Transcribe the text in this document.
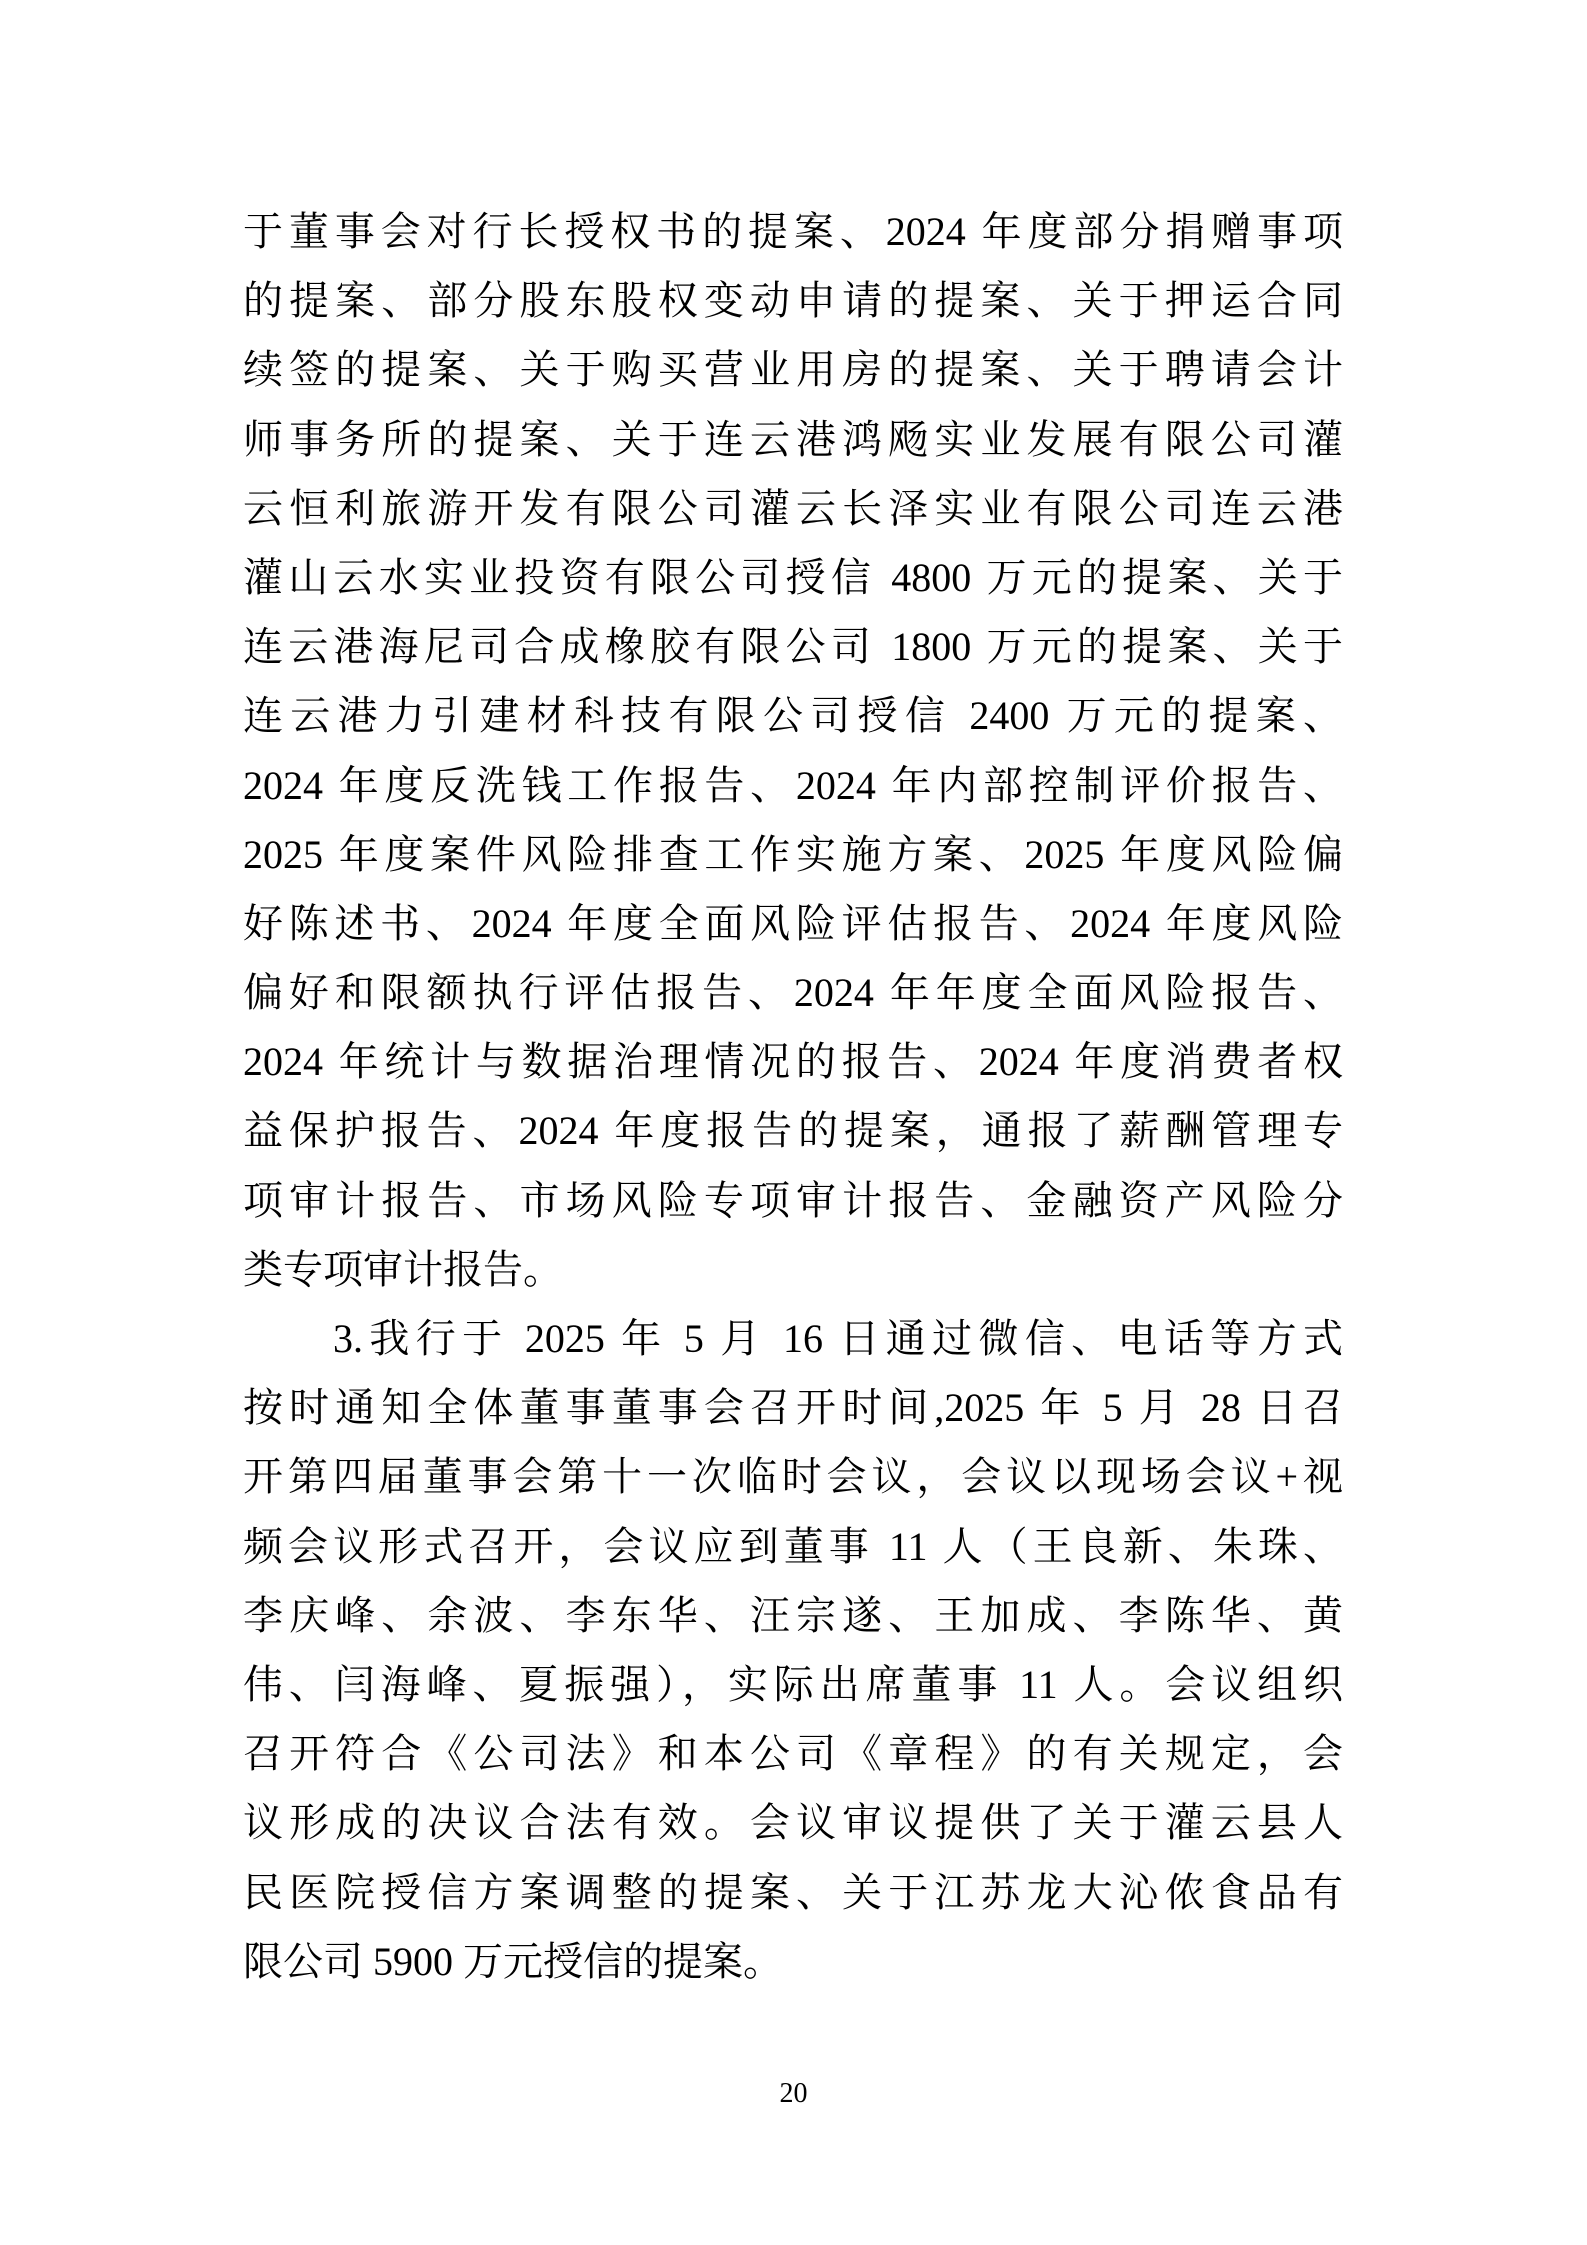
于董事会对行长授权书的提案、2024 年度部分捐赠事项
的提案、部分股东股权变动申请的提案、关于押运合同
续签的提案、关于购买营业用房的提案、关于聘请会计
师事务所的提案、关于连云港鸿飏实业发展有限公司灌
云恒利旅游开发有限公司灌云长泽实业有限公司连云港
灌山云水实业投资有限公司授信 4800 万元的提案、关于
连云港海尼司合成橡胶有限公司 1800 万元的提案、关于
连云港力引建材科技有限公司授信 2400 万元的提案、
2024 年度反洗钱工作报告、2024 年内部控制评价报告、
2025 年度案件风险排查工作实施方案、2025 年度风险偏
好陈述书、2024 年度全面风险评估报告、2024 年度风险
偏好和限额执行评估报告、2024 年年度全面风险报告、
2024 年统计与数据治理情况的报告、2024 年度消费者权
益保护报告、2024 年度报告的提案，通报了薪酬管理专
项审计报告、市场风险专项审计报告、金融资产风险分
类专项审计报告。
3.我行于 2025 年 5 月 16 日通过微信、电话等方式
按时通知全体董事董事会召开时间,2025 年 5 月 28 日召
开第四届董事会第十一次临时会议，会议以现场会议+视
频会议形式召开，会议应到董事 11 人（王良新、朱珠、
李庆峰、余波、李东华、汪宗遂、王加成、李陈华、黄
伟、闫海峰、夏振强），实际出席董事 11 人。会议组织
召开符合《公司法》和本公司《章程》的有关规定，会
议形成的决议合法有效。会议审议提供了关于灌云县人
民医院授信方案调整的提案、关于江苏龙大沁侬食品有
限公司 5900 万元授信的提案。
20
